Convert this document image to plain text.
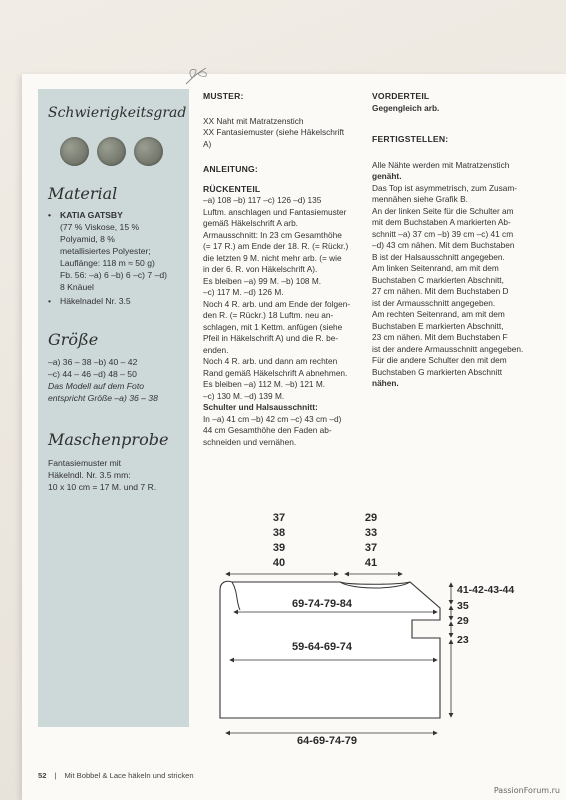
Schwierigkeitsgrad

Material

• KATIA GATSBY

(77 % Viskose, 15 %

Polyamid, 8 %

metallisiertes Polyester;

Lauflänge: 118 m ≈ 50 g)

Fb. 56: –a) 6 –b) 6 –c) 7 –d)

8 Knäuel

• Häkelnadel Nr. 3.5

Größe

–a) 36 – 38 –b) 40 – 42

–c) 44 – 46 –d) 48 – 50

Das Modell auf dem Foto

entspricht Größe –a) 36 – 38

Maschenprobe

Fantasiemuster mit

Häkelndl. Nr. 3.5 mm:

10 x 10 cm = 17 M. und 7 R.

MUSTER:

XX Naht mit Matratzenstich

XX Fantasiemuster (siehe Häkelschrift

A)

ANLEITUNG:

RÜCKENTEIL

–a) 108 –b) 117 –c) 126 –d) 135

Luftm. anschlagen und Fantasiemuster

gemäß Häkelschrift A arb.

Armausschnitt: In 23 cm Gesamthöhe

(= 17 R.) am Ende der 18. R. (= Rückr.)

die letzten 9 M. nicht mehr arb. (= wie

in der 6. R. von Häkelschrift A).

Es bleiben –a) 99 M. –b) 108 M.

–c) 117 M. –d) 126 M.

Noch 4 R. arb. und am Ende der folgen-

den R. (= Rückr.) 18 Luftm. neu an-

schlagen, mit 1 Kettm. anfügen (siehe

Pfeil in Häkelschrift A) und die R. be-

enden.

Noch 4 R. arb. und dann am rechten

Rand gemäß Häkelschrift A abnehmen.

Es bleiben –a) 112 M. –b) 121 M.

–c) 130 M. –d) 139 M.

Schulter und Halsausschnitt:

In –a) 41 cm –b) 42 cm –c) 43 cm –d)

44 cm Gesamthöhe den Faden ab-

schneiden und vernähen.

VORDERTEIL

Gegengleich arb.

FERTIGSTELLEN:

Alle Nähte werden mit Matratzenstich

genäht.

Das Top ist asymmetrisch, zum Zusam-

mennähen siehe Grafik B.

An der linken Seite für die Schulter am

mit dem Buchstaben A markierten Ab-

schnitt –a) 37 cm –b) 39 cm –c) 41 cm

–d) 43 cm nähen. Mit dem Buchstaben

B ist der Halsausschnitt angegeben.

Am linken Seitenrand, am mit dem

Buchstaben C markierten Abschnitt,

27 cm nähen. Mit dem Buchstaben D

ist der Armausschnitt angegeben.

Am rechten Seitenrand, am mit dem

Buchstaben E markierten Abschnitt,

23 cm nähen. Mit dem Buchstaben F

ist der andere Armausschnitt angegeben.

Für die andere Schulter den mit dem

Buchstaben G markierten Abschnitt

nähen.

37
38
39
40
29
33
37
41
69-74-79-84
59-64-69-74
64-69-74-79
41-42-43-44
35
29
23
52 | Mit Bobbel & Lace häkeln und stricken
PassionForum.ru
